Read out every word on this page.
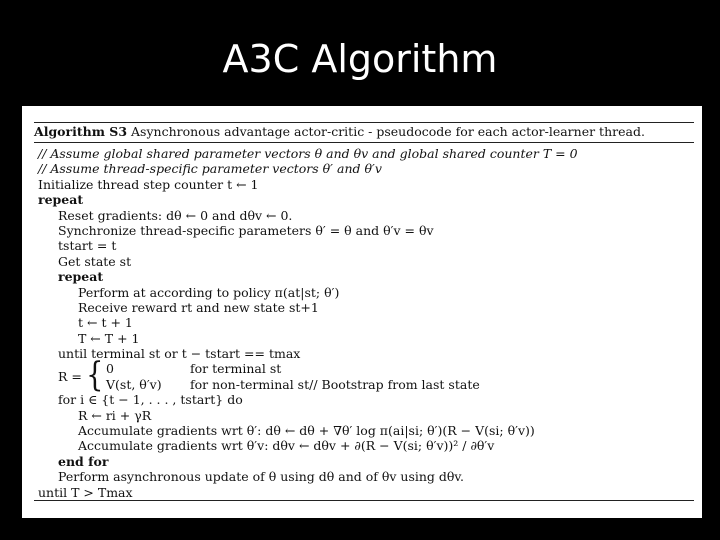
A3C Algorithm
Algorithm S3 Asynchronous advantage actor-critic - pseudocode for each actor-learner thread.
// Assume global shared parameter vectors θ and θv and global shared counter T = 0
// Assume thread-specific parameter vectors θ′ and θ′v
Initialize thread step counter t ← 1
repeat
Reset gradients: dθ ← 0 and dθv ← 0.
Synchronize thread-specific parameters θ′ = θ and θ′v = θv
tstart = t
Get state st
repeat
Perform at according to policy π(at|st; θ′)
Receive reward rt and new state st+1
t ← t + 1
T ← T + 1
until terminal st or t − tstart == tmax
R = { 0	for terminal st
V(st, θ′v) for non-terminal st// Bootstrap from last state
for i ∈ {t − 1, . . . , tstart} do
R ← ri + γR
Accumulate gradients wrt θ′: dθ ← dθ + ∇θ′ log π(ai|si; θ′)(R − V(si; θ′v))
Accumulate gradients wrt θ′v: dθv ← dθv + ∂(R − V(si; θ′v))² / ∂θ′v
end for
Perform asynchronous update of θ using dθ and of θv using dθv.
until T > Tmax
